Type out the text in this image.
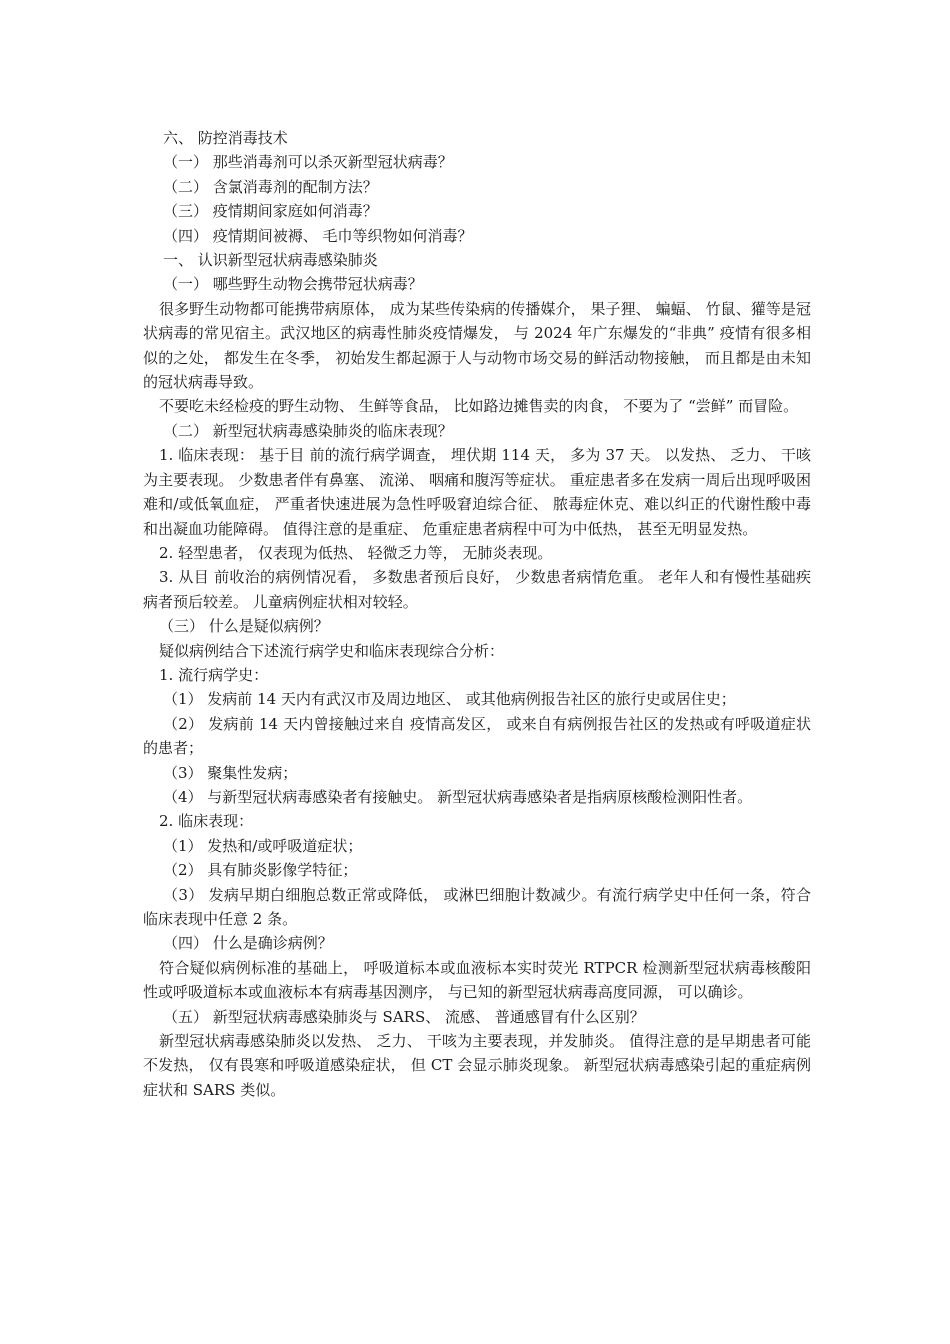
六、 防控消毒技术

（一） 那些消毒剂可以杀灭新型冠状病毒？

（二） 含氯消毒剂的配制方法？

（三） 疫情期间家庭如何消毒？

（四） 疫情期间被褥、 毛巾等织物如何消毒？

一、 认识新型冠状病毒感染肺炎

（一） 哪些野生动物会携带冠状病毒？

很多野生动物都可能携带病原体， 成为某些传染病的传播媒介， 果子狸、 蝙蝠、 竹鼠、獾等是冠状病毒的常见宿主。武汉地区的病毒性肺炎疫情爆发， 与 2024 年广东爆发的“非典” 疫情有很多相似的之处， 都发生在冬季， 初始发生都起源于人与动物市场交易的鲜活动物接触， 而且都是由未知的冠状病毒导致。

不要吃未经检疫的野生动物、 生鲜等食品， 比如路边摊售卖的肉食， 不要为了 “尝鲜” 而冒险。

（二） 新型冠状病毒感染肺炎的临床表现？

1. 临床表现： 基于目 前的流行病学调查， 埋伏期 114 天， 多为 37 天。 以发热、 乏力、 干咳为主要表现。 少数患者伴有鼻塞、 流涕、 咽痛和腹泻等症状。 重症患者多在发病一周后出现呼吸困难和/或低氧血症， 严重者快速进展为急性呼吸窘迫综合征、 脓毒症休克、难以纠正的代谢性酸中毒和出凝血功能障碍。 值得注意的是重症、 危重症患者病程中可为中低热， 甚至无明显发热。

2. 轻型患者， 仅表现为低热、 轻微乏力等， 无肺炎表现。

3. 从目 前收治的病例情况看， 多数患者预后良好， 少数患者病情危重。 老年人和有慢性基础疾病者预后较差。 儿童病例症状相对较轻。

（三） 什么是疑似病例？

疑似病例结合下述流行病学史和临床表现综合分析：

1. 流行病学史：

（1） 发病前 14 天内有武汉市及周边地区、 或其他病例报告社区的旅行史或居住史；

（2） 发病前 14 天内曾接触过来自 疫情高发区， 或来自有病例报告社区的发热或有呼吸道症状的患者；

（3） 聚集性发病；

（4） 与新型冠状病毒感染者有接触史。 新型冠状病毒感染者是指病原核酸检测阳性者。

2. 临床表现：

（1） 发热和/或呼吸道症状；

（2） 具有肺炎影像学特征；

（3） 发病早期白细胞总数正常或降低， 或淋巴细胞计数减少。有流行病学史中任何一条，符合临床表现中任意 2 条。

（四） 什么是确诊病例？

符合疑似病例标准的基础上， 呼吸道标本或血液标本实时荧光 RTPCR 检测新型冠状病毒核酸阳性或呼吸道标本或血液标本有病毒基因测序， 与已知的新型冠状病毒高度同源， 可以确诊。

（五） 新型冠状病毒感染肺炎与 SARS、 流感、 普通感冒有什么区别？

新型冠状病毒感染肺炎以发热、 乏力、 干咳为主要表现，并发肺炎。 值得注意的是早期患者可能不发热， 仅有畏寒和呼吸道感染症状， 但 CT 会显示肺炎现象。 新型冠状病毒感染引起的重症病例症状和 SARS 类似。
